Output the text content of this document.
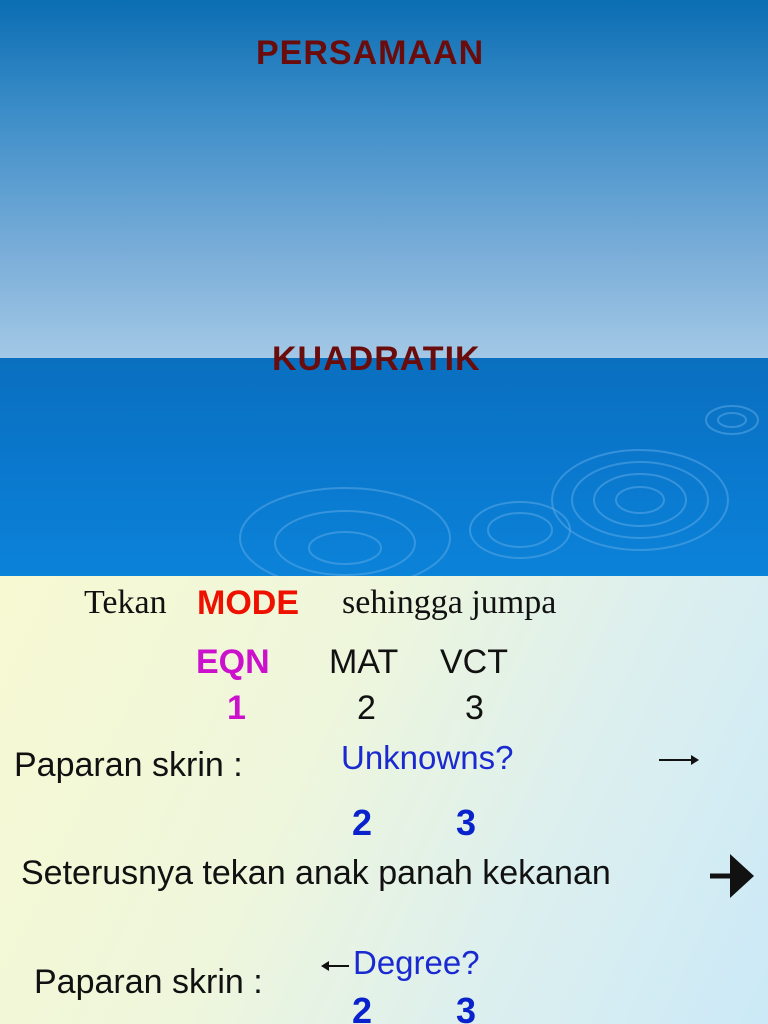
PERSAMAAN
KUADRATIK
Tekan MODE sehingga jumpa
EQN MAT VCT
1	2	3
Paparan skrin :	Unknowns?
2 3
Seterusnya tekan anak panah kekanan
Paparan skrin :
Degree?
2 3
